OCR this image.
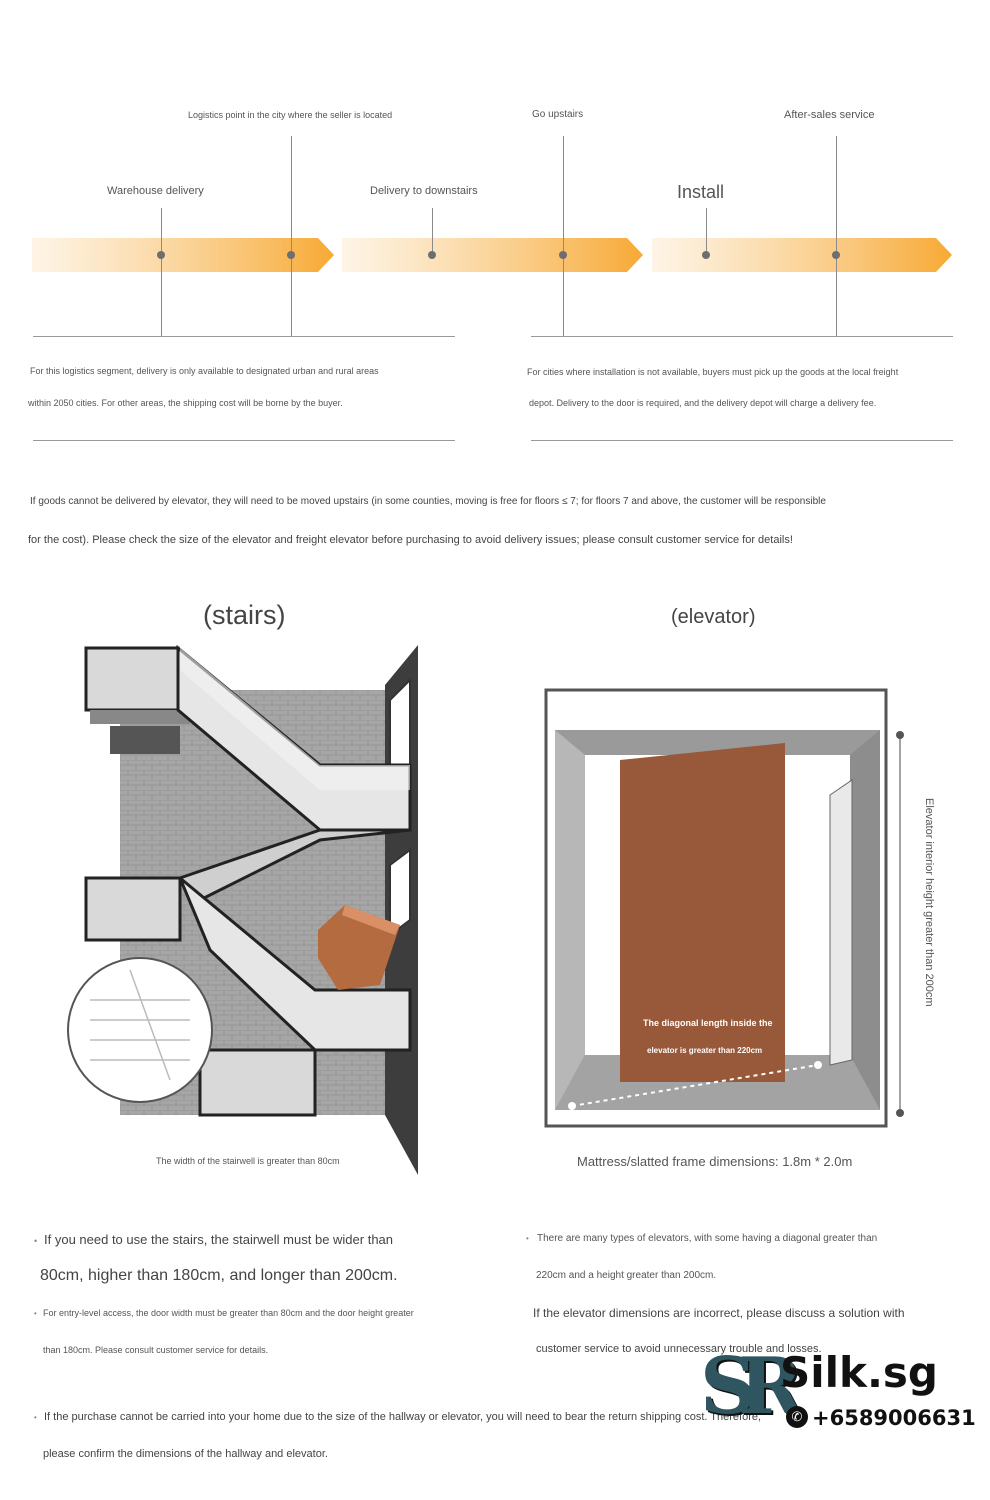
Logistics point in the city where the seller is located	Go upstairs	After-sales service
Warehouse delivery	Delivery to downstairs	Install
For this logistics segment, delivery is only available to designated urban and rural areas
within 2050 cities. For other areas, the shipping cost will be borne by the buyer.
For cities where installation is not available, buyers must pick up the goods at the local freight
depot. Delivery to the door is required, and the delivery depot will charge a delivery fee.
If goods cannot be delivered by elevator, they will need to be moved upstairs (in some counties, moving is free for floors ≤ 7; for floors 7 and above, the customer will be responsible
for the cost). Please check the size of the elevator and freight elevator before purchasing to avoid delivery issues; please consult customer service for details!
(stairs)
The width of the stairwell is greater than 80cm
(elevator)
The diagonal length inside the
elevator is greater than 220cm
Elevator interior height greater than 200cm
Mattress/slatted frame dimensions: 1.8m * 2.0m
• If you need to use the stairs, the stairwell must be wider than
80cm, higher than 180cm, and longer than 200cm.
• For entry-level access, the door width must be greater than 80cm and the door height greater
than 180cm. Please consult customer service for details.
• There are many types of elevators, with some having a diagonal greater than
220cm and a height greater than 200cm.
If the elevator dimensions are incorrect, please discuss a solution with
customer service to avoid unnecessary trouble and losses.
• If the purchase cannot be carried into your home due to the size of the hallway or elevator, you will need to bear the return shipping cost. Therefore,
please confirm the dimensions of the hallway and elevator.
SR
Silk.sg
✆ +6589006631
